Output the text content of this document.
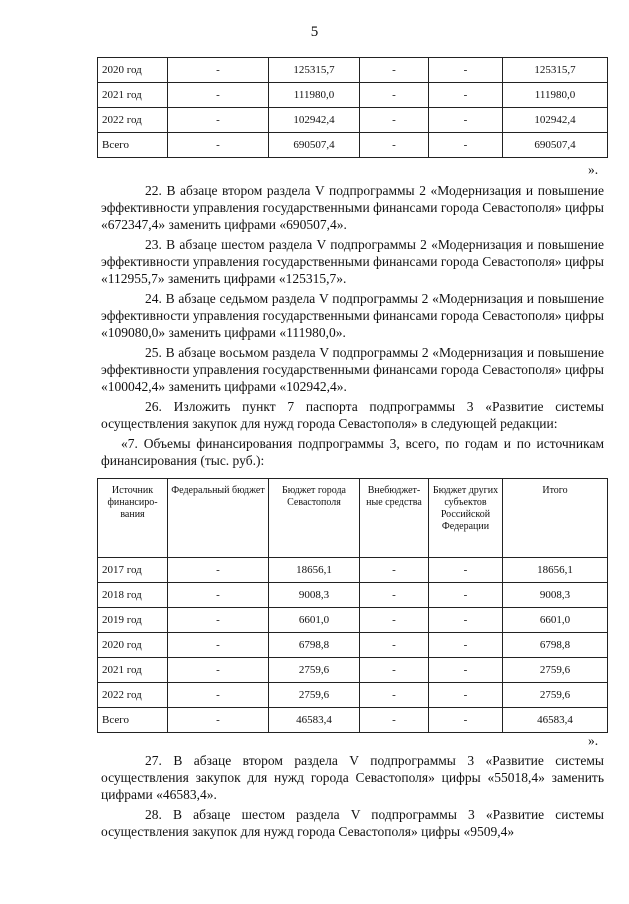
5
2020 год	-	125315,7	-	-	125315,7
2021 год	-	111980,0	-	-	111980,0
2022 год	-	102942,4	-	-	102942,4
Всего	-	690507,4	-	-	690507,4
».

22. В абзаце втором раздела V подпрограммы 2 «Модернизация и повышение эффективности управления государственными финансами города Севастополя» цифры «672347,4» заменить цифрами «690507,4».

23. В абзаце шестом раздела V подпрограммы 2 «Модернизация и повышение эффективности управления государственными финансами города Севастополя» цифры «112955,7» заменить цифрами «125315,7».

24. В абзаце седьмом раздела V подпрограммы 2 «Модернизация и повышение эффективности управления государственными финансами города Севастополя» цифры «109080,0» заменить цифрами «111980,0».

25. В абзаце восьмом раздела V подпрограммы 2 «Модернизация и повышение эффективности управления государственными финансами города Севастополя» цифры «100042,4» заменить цифрами «102942,4».

26. Изложить пункт 7 паспорта подпрограммы 3 «Развитие системы осуществления закупок для нужд города Севастополя» в следующей редакции:

«7. Объемы финансирования подпрограммы 3, всего, по годам и по источникам финансирования (тыс. руб.):

Источник финансиро-вания	Федеральный бюджет	Бюджет города Севастополя	Внебюджет-ные средства	Бюджет других субъектов Российской Федерации	Итого
2017 год	-	18656,1	-	-	18656,1
2018 год	-	9008,3	-	-	9008,3
2019 год	-	6601,0	-	-	6601,0
2020 год	-	6798,8	-	-	6798,8
2021 год	-	2759,6	-	-	2759,6
2022 год	-	2759,6	-	-	2759,6
Всего	-	46583,4	-	-	46583,4
».

27. В абзаце втором раздела V подпрограммы 3 «Развитие системы осуществления закупок для нужд города Севастополя» цифры «55018,4» заменить цифрами «46583,4».

28. В абзаце шестом раздела V подпрограммы 3 «Развитие системы осуществления закупок для нужд города Севастополя» цифры «9509,4»
